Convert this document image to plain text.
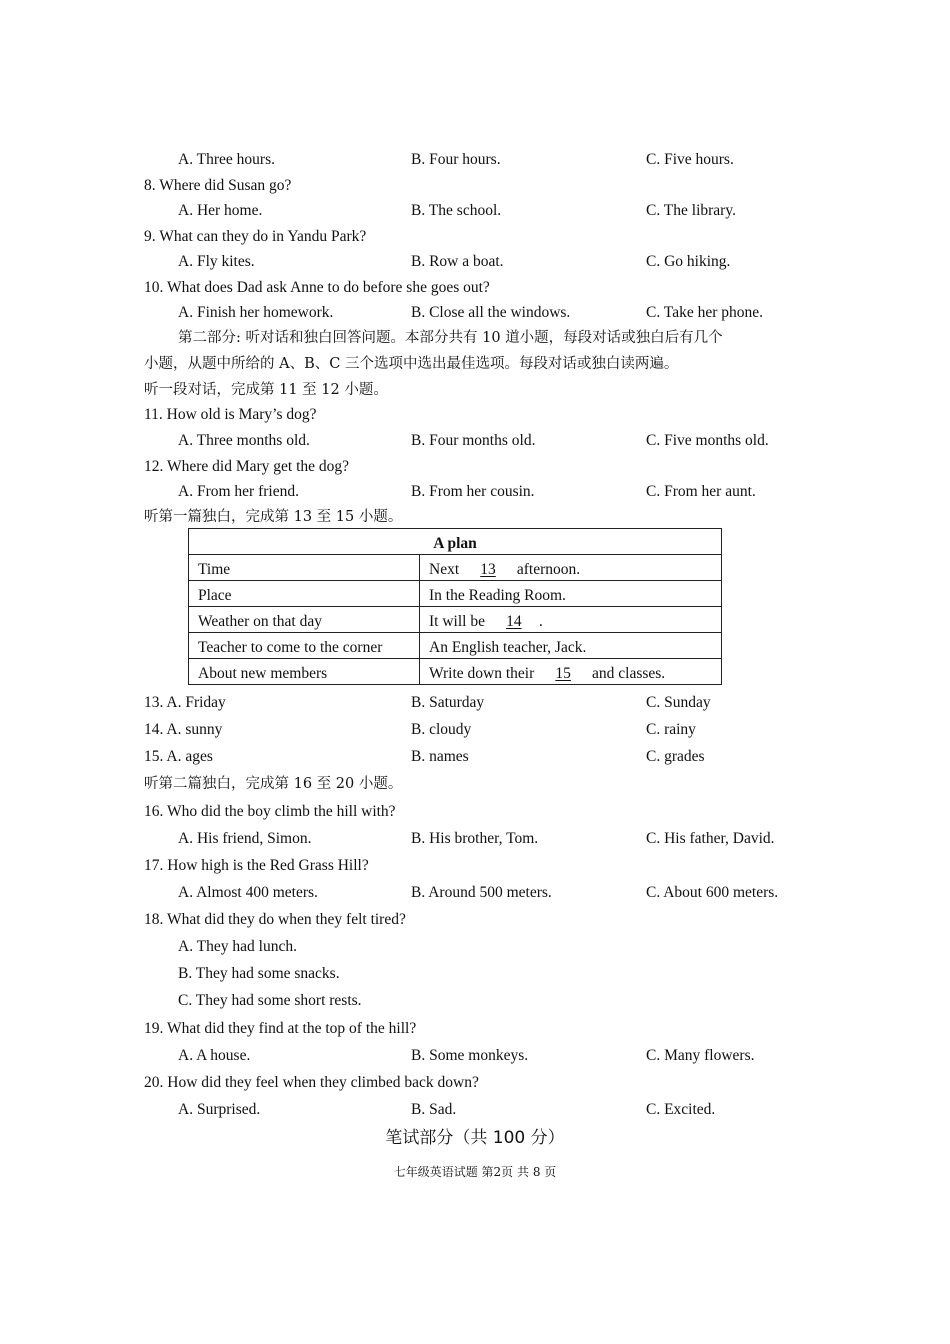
A. Three hours.	B. Four hours.	C. Five hours.
8. Where did Susan go?
A. Her home.	B. The school.	C. The library.
9. What can they do in Yandu Park?
A. Fly kites.	B. Row a boat.	C. Go hiking.
10. What does Dad ask Anne to do before she goes out?
A. Finish her homework.	B. Close all the windows.	C. Take her phone.
第二部分: 听对话和独白回答问题。本部分共有 10 道小题，每段对话或独白后有几个
小题，从题中所给的 A、B、C 三个选项中选出最佳选项。每段对话或独白读两遍。
听一段对话，完成第 11 至 12 小题。
11. How old is Mary’s dog?
A. Three months old.	B. Four months old.	C. Five months old.
12. Where did Mary get the dog?
A. From her friend.	B. From her cousin.	C. From her aunt.
听第一篇独白，完成第 13 至 15 小题。
A plan	
Time	Next 13 afternoon.
Place	In the Reading Room.
Weather on that day	It will be 14 .
Teacher to come to the corner	An English teacher, Jack.
About new members	Write down their 15 and classes.
13. A. Friday	B. Saturday	C. Sunday
14. A. sunny	B. cloudy	C. rainy
15. A. ages	B. names	C. grades
听第二篇独白，完成第 16 至 20 小题。
16. Who did the boy climb the hill with?
A. His friend, Simon.	B. His brother, Tom.	C. His father, David.
17. How high is the Red Grass Hill?
A. Almost 400 meters.	B. Around 500 meters.	C. About 600 meters.
18. What did they do when they felt tired?
A. They had lunch.
B. They had some snacks.
C. They had some short rests.
19. What did they find at the top of the hill?
A. A house.	B. Some monkeys.	C. Many flowers.
20. How did they feel when they climbed back down?
A. Surprised.	B. Sad.	C. Excited.
笔试部分（共 100 分）
七年级英语试题 第2页 共 8 页
